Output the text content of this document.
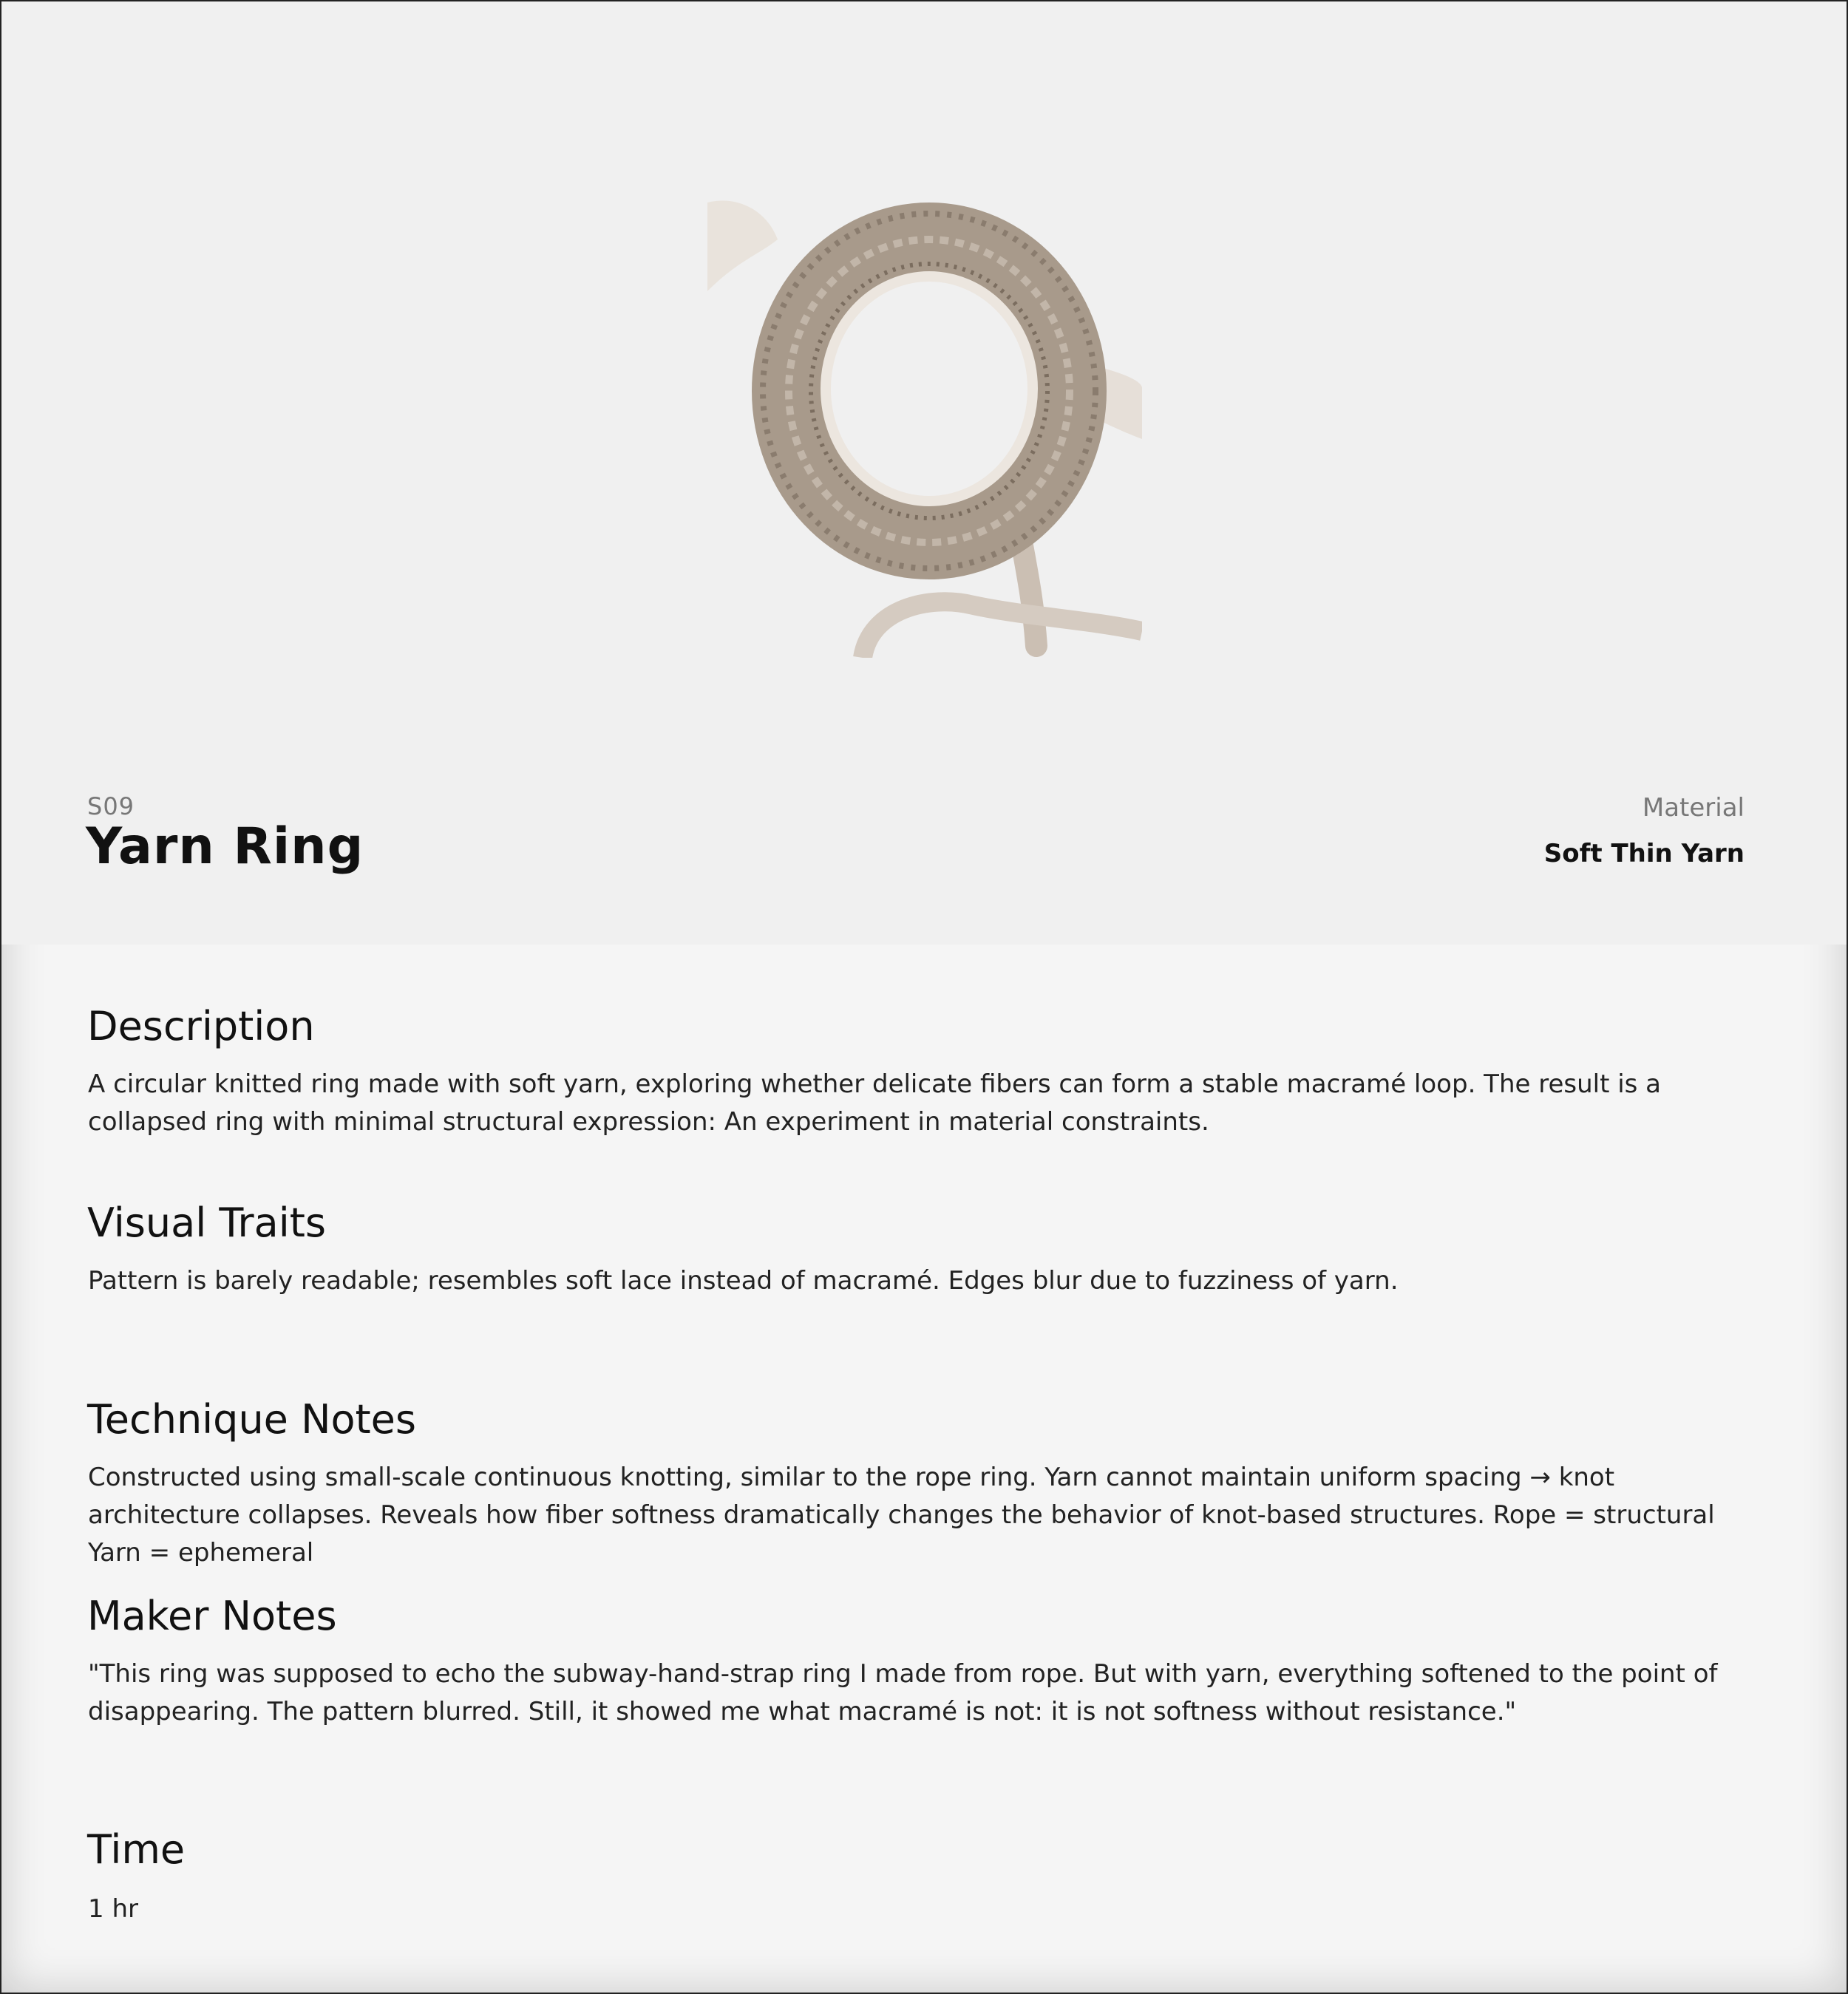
S09
Yarn Ring
Material
Soft Thin Yarn
Description

A circular knitted ring made with soft yarn, exploring whether delicate fibers can form a stable macramé loop. The result is a collapsed ring with minimal structural expression: An experiment in material constraints.

Visual Traits

Pattern is barely readable; resembles soft lace instead of macramé. Edges blur due to fuzziness of yarn.

Technique Notes

Constructed using small-scale continuous knotting, similar to the rope ring. Yarn cannot maintain uniform spacing → knot architecture collapses. Reveals how fiber softness dramatically changes the behavior of knot-based structures. Rope = structural Yarn = ephemeral

Maker Notes

"This ring was supposed to echo the subway-hand-strap ring I made from rope. But with yarn, everything softened to the point of disappearing. The pattern blurred. Still, it showed me what macramé is not: it is not softness without resistance."

Time

1 hr
